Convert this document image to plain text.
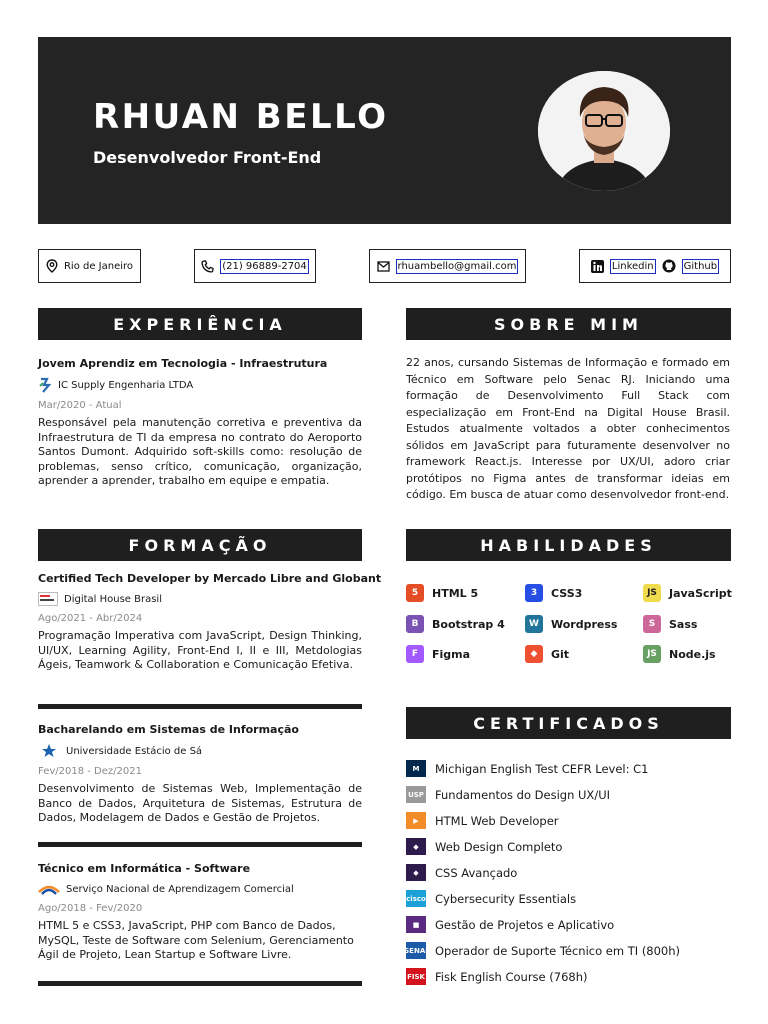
RHUAN BELLO
Desenvolvedor Front-End
Rio de Janeiro	(21) 96889-2704	rhuambello@gmail.com	Linkedin	Github
EXPERIÊNCIA	SOBRE MIM
FORMAÇÃO	HABILIDADES
CERTIFICADOS
Jovem Aprendiz em Tecnologia - Infraestrutura
IC Supply Engenharia LTDA
Mar/2020 - Atual
Responsável pela manutenção corretiva e preventiva da Infraestrutura de TI da empresa no contrato do Aeroporto Santos Dumont. Adquirido soft-skills como: resolução de problemas, senso crítico, comunicação, organização, aprender a aprender, trabalho em equipe e empatia.
Certified Tech Developer by Mercado Libre and Globant
Digital House Brasil
Ago/2021 - Abr/2024
Programação Imperativa com JavaScript, Design Thinking, UI/UX, Learning Agility, Front-End I, II e III, Metdologias Ágeis, Teamwork & Collaboration e Comunicação Efetiva.
Bacharelando em Sistemas de Informação
Universidade Estácio de Sá
Fev/2018 - Dez/2021
Desenvolvimento de Sistemas Web, Implementação de Banco de Dados, Arquitetura de Sistemas, Estrutura de Dados, Modelagem de Dados e Gestão de Projetos.
Técnico em Informática - Software
Serviço Nacional de Aprendizagem Comercial
Ago/2018 - Fev/2020
HTML 5 e CSS3, JavaScript, PHP com Banco de Dados, MySQL, Teste de Software com Selenium, Gerenciamento Ágil de Projeto, Lean Startup e Software Livre.
22 anos, cursando Sistemas de Informação e formado em Técnico em Software pelo Senac RJ. Iniciando uma formação de Desenvolvimento Full Stack com especialização em Front-End na Digital House Brasil. Estudos atualmente voltados a obter conhecimentos sólidos em JavaScript para futuramente desenvolver no framework React.js. Interesse por UX/UI, adoro criar protótipos no Figma antes de transformar ideias em código. Em busca de atuar como desenvolvedor front-end.
5	HTML 5	3	CSS3	JS	JavaScript
B	Bootstrap 4	W	Wordpress	S	Sass
F	Figma	◆	Git	JS	Node.js
M	Michigan English Test CEFR Level: C1
USP Fundamentos do Design UX/UI
▶	HTML Web Developer
◆	Web Design Completo
◆	CSS Avançado
cisco Cybersecurity Essentials
■	Gestão de Projetos e Aplicativo
SENAI Operador de Suporte Técnico em TI (800h)
FISK Fisk English Course (768h)
